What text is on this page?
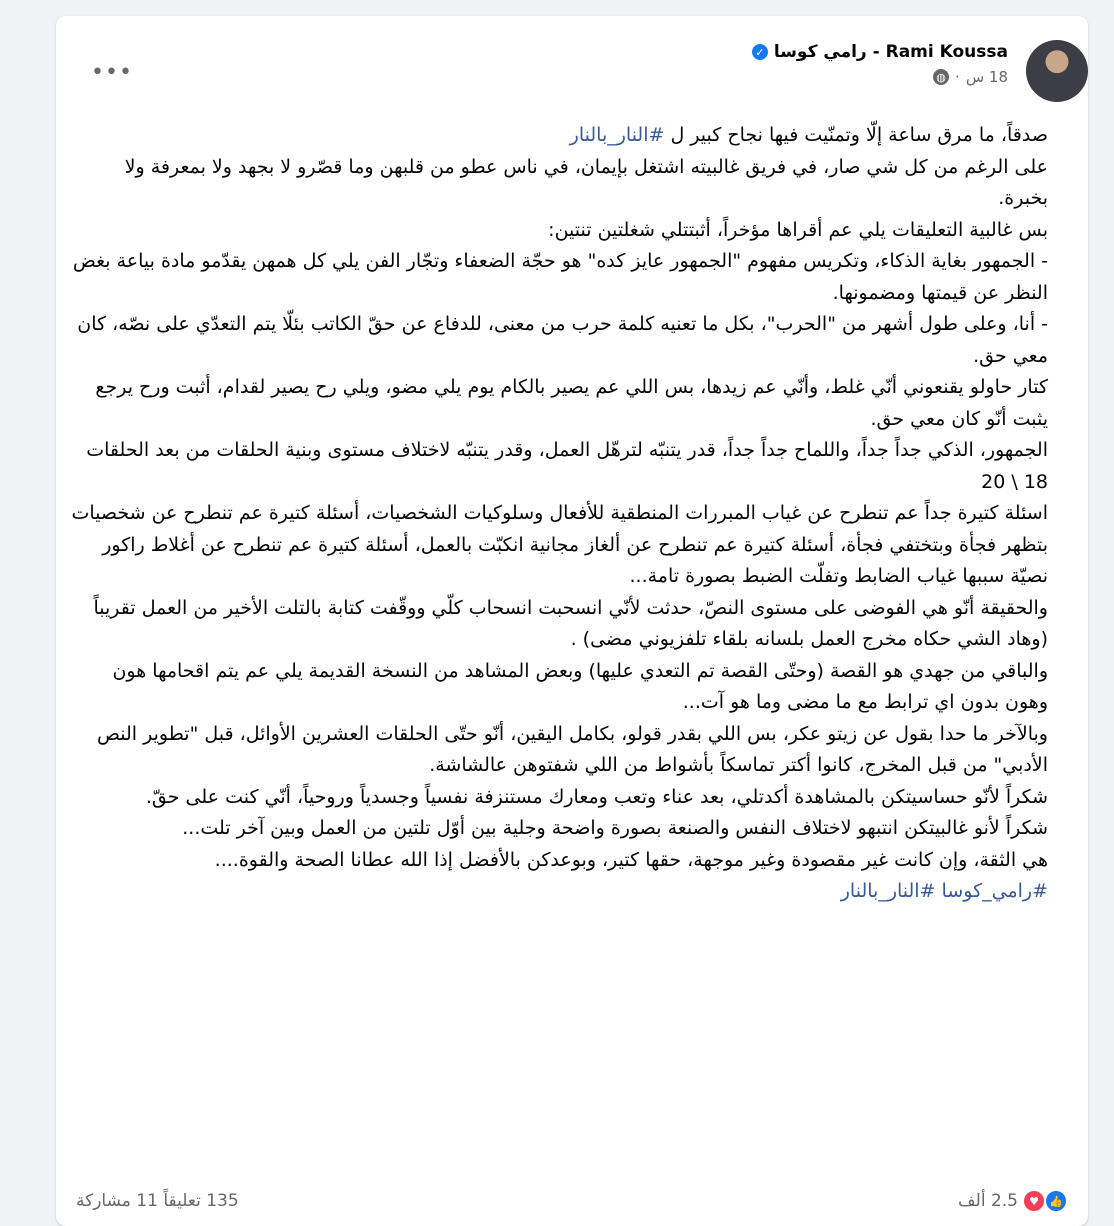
•••
Rami Koussa - رامي كوسا
✓
18 س
·
◍

صدقاً، ما مرق ساعة إلّا وتمنّيت فيها نجاح كبير ل #النار_بالنار

على الرغم من كل شي صار، في فريق غالبيته اشتغل بإيمان، في ناس عطو من قلبهن وما قصّرو لا بجهد ولا بمعرفة ولا بخبرة.

بس غالبية التعليقات يلي عم أقراها مؤخراً، أثبتتلي شغلتين تنتين:

- الجمهور بغاية الذكاء، وتكريس مفهوم "الجمهور عايز كده" هو حجّة الضعفاء وتجّار الفن يلي كل همهن يقدّمو مادة بياعة بغض النظر عن قيمتها ومضمونها.

- أنا، وعلى طول أشهر من "الحرب"، بكل ما تعنيه كلمة حرب من معنى، للدفاع عن حقّ الكاتب بئلّا يتم التعدّي على نصّه، كان معي حق.

كتار حاولو يقنعوني أنّي غلط، وأنّي عم زيدها، بس اللي عم يصير بالكام يوم يلي مضو، ويلي رح يصير لقدام، أثبت ورح يرجع يثبت أنّو كان معي حق.

الجمهور، الذكي جداً جداً، واللماح جداً جداً، قدر يتنبّه لترهّل العمل، وقدر يتنبّه لاختلاف مستوى وبنية الحلقات من بعد الحلقات 18 \ 20

اسئلة كتيرة جداً عم تنطرح عن غياب المبررات المنطقية للأفعال وسلوكيات الشخصيات، أسئلة كتيرة عم تنطرح عن شخصيات بتظهر فجأة وبتختفي فجأة، أسئلة كتيرة عم تنطرح عن ألغاز مجانية انكبّت بالعمل، أسئلة كتيرة عم تنطرح عن أغلاط راكور نصيّة سببها غياب الضابط وتفلّت الضبط بصورة تامة...

والحقيقة أنّو هي الفوضى على مستوى النصّ، حدثت لأنّي انسحبت انسحاب كلّي ووقّفت كتابة بالتلت الأخير من العمل تقريباً (وهاد الشي حكاه مخرج العمل بلسانه بلقاء تلفزيوني مضى) .

والباقي من جهدي هو القصة (وحتّى القصة تم التعدي عليها) وبعض المشاهد من النسخة القديمة يلي عم يتم اقحامها هون وهون بدون اي ترابط مع ما مضى وما هو آت...

وبالآخر ما حدا بقول عن زيتو عكر، بس اللي بقدر قولو، بكامل اليقين، أنّو حتّى الحلقات العشرين الأوائل، قبل "تطوير النص الأدبي" من قبل المخرج، كانوا أكتر تماسكاً بأشواط من اللي شفتوهن عالشاشة.

شكراً لأنّو حساسيتكن بالمشاهدة أكدتلي، بعد عناء وتعب ومعارك مستنزفة نفسياً وجسدياً وروحياً، أنّي كنت على حقّ.

شكراً لأنو غالبيتكن انتبهو لاختلاف النفس والصنعة بصورة واضحة وجلية بين أوّل تلتين من العمل وبين آخر تلت...

هي الثقة، وإن كانت غير مقصودة وغير موجهة، حقها كتير، وبوعدكن بالأفضل إذا الله عطانا الصحة والقوة....

#رامي_كوسا #النار_بالنار

👍
♥
2.5 ألف
135 تعليقاً 11 مشاركة
